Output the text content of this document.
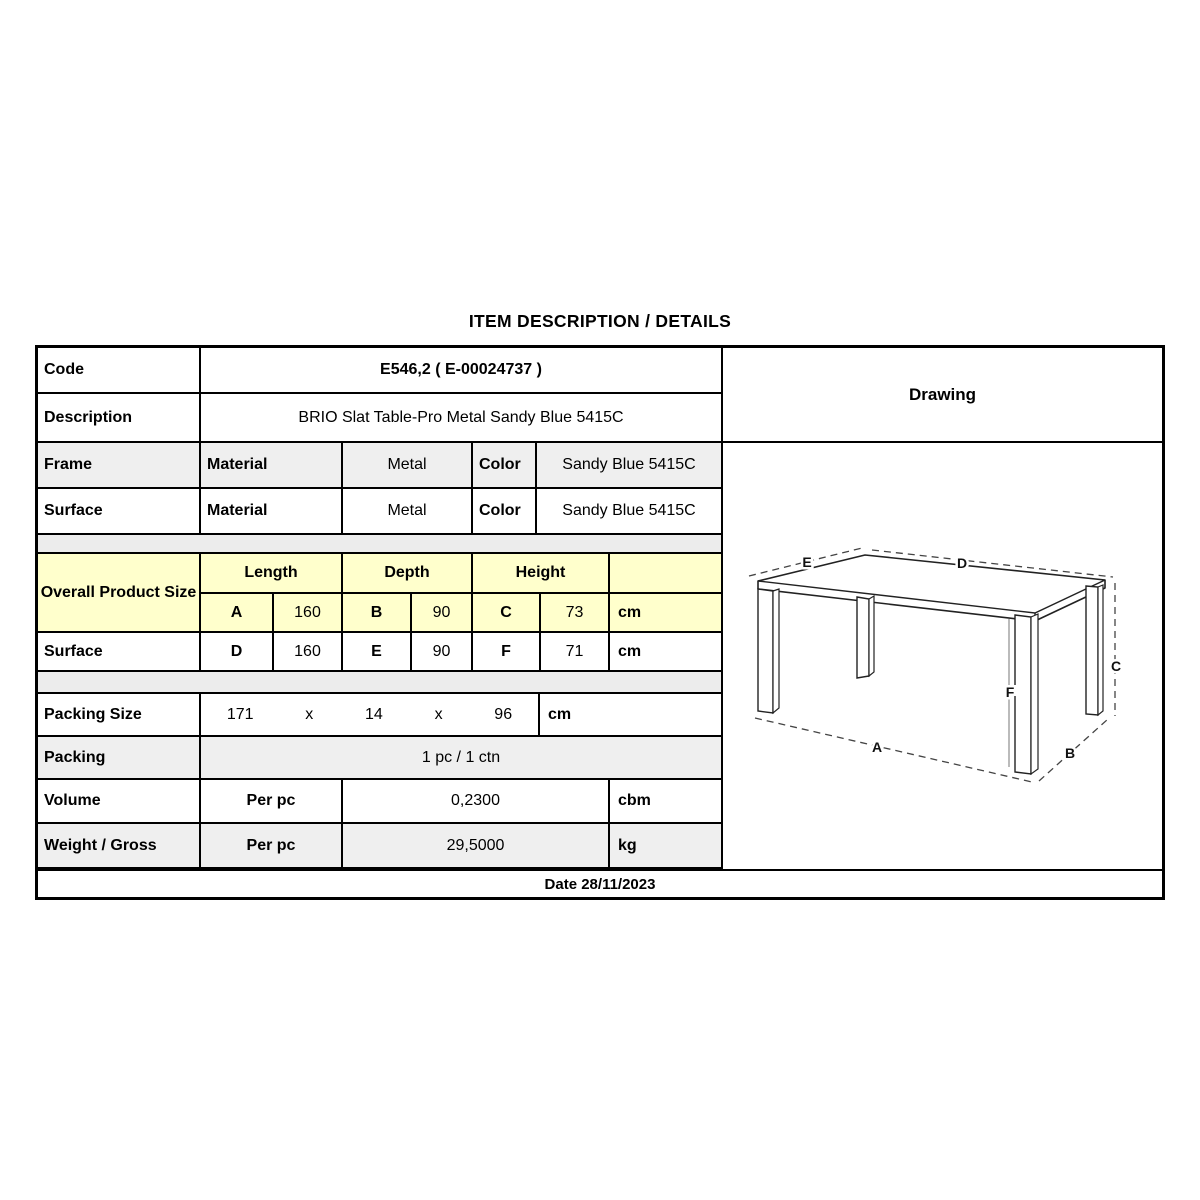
ITEM DESCRIPTION / DETAILS
Code	E546,2 ( E-00024737 )
Description	BRIO Slat Table-Pro Metal Sandy Blue 5415C
Frame	Material	Metal	Color	Sandy Blue 5415C
Surface	Material	Metal	Color	Sandy Blue 5415C
Overall Product Size
Length	Depth	Height
A	160	B	90	C	73	cm
Surface	D	160	E	90	F	71	cm
Packing Size	171	x	14	x	96	cm
Packing	1 pc / 1 ctn
Volume	Per pc	0,2300	cbm
Weight / Gross	Per pc	29,5000	kg
Drawing
E	D
A	B
C
F
Date 28/11/2023
